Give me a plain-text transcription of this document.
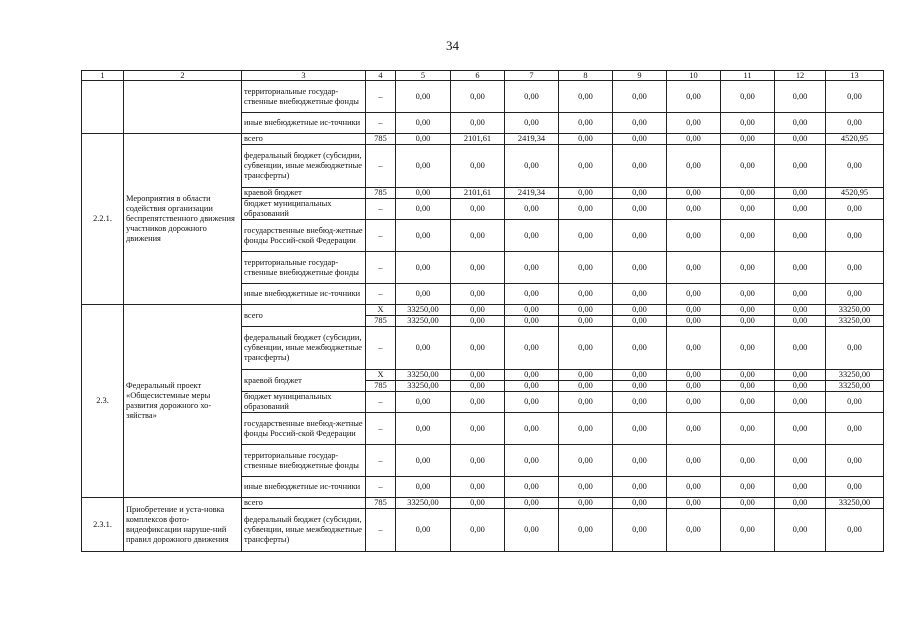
34
1	2	3	4	5	6	7	8	9	10	11	12	13
		территориальные государ-ственные внебюджетные фонды	–	0,00	0,00	0,00	0,00	0,00	0,00	0,00	0,00	0,00
		иные внебюджетные ис-точники	–	0,00	0,00	0,00	0,00	0,00	0,00	0,00	0,00	0,00
2.2.1.	Мероприятия в области содействия организации беспрепятственного движения участников дорожного движения	всего	785	0,00	2101,61	2419,34	0,00	0,00	0,00	0,00	0,00	4520,95
		федеральный бюджет (субсидии, субвенции, иные межбюджетные трансферты)	–	0,00	0,00	0,00	0,00	0,00	0,00	0,00	0,00	0,00
		краевой бюджет	785	0,00	2101,61	2419,34	0,00	0,00	0,00	0,00	0,00	4520,95
		бюджет муниципальных образований	–	0,00	0,00	0,00	0,00	0,00	0,00	0,00	0,00	0,00
		государственные внебюд-жетные фонды Россий-ской Федерации	–	0,00	0,00	0,00	0,00	0,00	0,00	0,00	0,00	0,00
		территориальные государ-ственные внебюджетные фонды	–	0,00	0,00	0,00	0,00	0,00	0,00	0,00	0,00	0,00
		иные внебюджетные ис-точники	–	0,00	0,00	0,00	0,00	0,00	0,00	0,00	0,00	0,00
2.3.	Федеральный проект «Общесистемные меры развития дорожного хо-зяйства»	всего	X	33250,00	0,00	0,00	0,00	0,00	0,00	0,00	0,00	33250,00
			785	33250,00	0,00	0,00	0,00	0,00	0,00	0,00	0,00	33250,00
		федеральный бюджет (субсидии, субвенции, иные межбюджетные трансферты)	–	0,00	0,00	0,00	0,00	0,00	0,00	0,00	0,00	0,00
		краевой бюджет	X	33250,00	0,00	0,00	0,00	0,00	0,00	0,00	0,00	33250,00
			785	33250,00	0,00	0,00	0,00	0,00	0,00	0,00	0,00	33250,00
		бюджет муниципальных образований	–	0,00	0,00	0,00	0,00	0,00	0,00	0,00	0,00	0,00
		государственные внебюд-жетные фонды Россий-ской Федерации	–	0,00	0,00	0,00	0,00	0,00	0,00	0,00	0,00	0,00
		территориальные государ-ственные внебюджетные фонды	–	0,00	0,00	0,00	0,00	0,00	0,00	0,00	0,00	0,00
		иные внебюджетные ис-точники	–	0,00	0,00	0,00	0,00	0,00	0,00	0,00	0,00	0,00
2.3.1.	Приобретение и уста-новка комплексов фото-видеофиксации наруше-ний правил дорожного движения	всего	785	33250,00	0,00	0,00	0,00	0,00	0,00	0,00	0,00	33250,00
		федеральный бюджет (субсидии, субвенции, иные межбюджетные трансферты)	–	0,00	0,00	0,00	0,00	0,00	0,00	0,00	0,00	0,00
